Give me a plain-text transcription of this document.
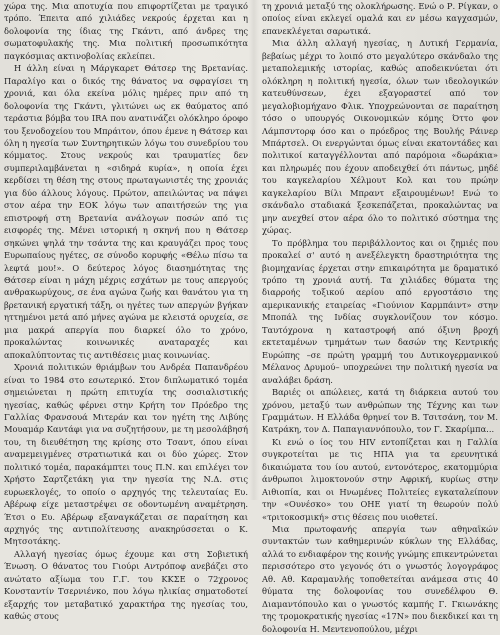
χώρα της. Μια αποτυχία που επιφορτίζεται με τραγικό τρόπο. Έπειτα από χιλιάδες νεκρούς έρχεται και η δολοφονία της ίδιας της Γκάντι, από άνδρες της σωματοφυλακής της. Μια πολιτική προσωπικότητα παγκόσμιας ακτινοβολίας εκλείπει.

Η άλλη είναι η Μάργκαρετ Θάτσερ της Βρετανίας. Παραλίγο και ο δικός της θάνατος να σφραγίσει τη χρονιά, και όλα εκείνα μόλις ημέρες πριν από τη δολοφονία της Γκάντι, γλιτώνει ως εκ θαύματος από τεράστια βόμβα του IRA που ανατινάζει ολόκληρο όροφο του ξενοδοχείου του Μπράιτον, όπου έμενε η Θάτσερ και όλη η ηγεσία των Συντηρητικών λόγω του συνεδρίου του κόμματος. Στους νεκρούς και τραυματίες δεν συμπεριλαμβάνεται η «σιδηρά κυρία», η οποία έχει κερδίσει τη θέση της στους πρωταγωνιστές της χρονιάς για δύο άλλους λόγους. Πρώτον, απειλώντας να πάψει στον αέρα την ΕΟΚ λόγω των απαιτήσεών της για επιστροφή στη Βρετανία ανάλογων ποσών από τις εισφορές της. Μένει ιστορική η σκηνή που η Θάτσερ σηκώνει ψηλά την τσάντα της και κραυγάζει προς τους Ευρωπαίους ηγέτες, σε σύνοδο κορυφής «Θέλω πίσω τα λεφτά μου!». Ο δεύτερος λόγος διασημότητας της Θάτσερ είναι η μάχη μέχρις εσχάτων με τους απεργούς ανθρακωρύχους, σε ένα αγώνα ζωής και θανάτου για τη βρετανική εργατική τάξη, οι ηγέτες των απεργών βγήκαν ηττημένοι μετά από μήνες αγώνα με κλειστά ορυχεία, σε μια μακρά απεργία που διαρκεί όλο το χρόνο, προκαλώντας κοινωνικές αναταραχές και αποκαλύπτοντας τις αντιθέσεις μιας κοινωνίας.

Χρονιά πολιτικών θριάμβων του Ανδρέα Παπανδρέου είναι το 1984 στο εσωτερικό. Στον διπλωματικό τομέα σημειώνεται η πρώτη επιτυχία της σοσιαλιστικής ηγεσίας, καθώς φέρνει στην Κρήτη τον Πρόεδρο της Γαλλίας Φρανσουά Μιτεράν και τον ηγέτη της Λιβύης Μουαμάρ Καντάφι για να συζητήσουν, με τη μεσολάβησή του, τη διευθέτηση της κρίσης στο Τσαντ, όπου είναι αναμεμειγμένες στρατιωτικά και οι δύο χώρες. Στον πολιτικό τομέα, παρακάμπτει τους Π.Ν. και επιλέγει τον Χρήστο Σαρτζετάκη για την ηγεσία της Ν.Δ. στις ευρωεκλογές, το οποίο ο αρχηγός της τελευταίας Ευ. Αβέρωφ είχε μεταστρέψει σε οδοντωμένη αναμέτρηση. Έτσι ο Ευ. Αβέρωφ εξαναγκάζεται σε παραίτηση και αρχηγός της αντιπολίτευσης ανακηρύσσεται ο Κ. Μητσοτάκης.

Αλλαγή ηγεσίας όμως έχουμε και στη Σοβιετική Ένωση. Ο θάνατος του Γιούρι Αντρόποφ ανεβάζει στο ανώτατο αξίωμα του Γ.Γ. του ΚΚΣΕ ο 72χρονος Κονσταντίν Τσερνιένκο, που λόγω ηλικίας σηματοδοτεί εξαρχής τον μεταβατικό χαρακτήρα της ηγεσίας του, καθώς στους

τη χρονιά μεταξύ της ολοκλήρωσης. Ενώ ο Ρ. Ρίγκαν, ο οποίος είναι εκλεγεί ομαλά και εν μέσω καγχασμών, επανεκλέγεται σαρωτικά.

Μια άλλη αλλαγή ηγεσίας, η Δυτική Γερμανία, βεβαίως μέχρι το λοιπό στο μεγαλύτερο σκάνδαλο της μεταπολεμικής ιστορίας, καθώς αποδεικνύεται ότι ολόκληρη η πολιτική ηγεσία, όλων των ιδεολογικών κατευθύνσεων, έχει εξαγοραστεί από τον μεγαλοβιομήχανο Φλικ. Υποχρεώνονται σε παραίτηση τόσο ο υπουργός Οικονομικών κόμης Όττο φον Λάμπσντορφ όσο και ο πρόεδρος της Βουλής Ράινερ Μπάρτσελ. Οι ενεργώνται όμως είναι εκατοντάδες και πολιτικοί καταγγέλλονται από παρόμοια «δωράκια» και πληρωμές που έχουν αποδειχθεί ότι πάντως, μηδέ του καγκελαρίου Χέλμουτ Κολ και του πρώην καγκελαρίου Βίλι Μπραντ εξαιρουμένων! Ενώ το σκάνδαλο σταδιακά ξεσκεπάζεται, προκαλώντας να μην ανεχθεί στον αέρα όλο το πολιτικό σύστημα της χώρας.

Το πρόβλημα του περιβάλλοντος και οι ζημιές που προκαλεί σ' αυτό η ανεξέλεγκτη δραστηριότητα της βιομηχανίας έρχεται στην επικαιρότητα με δραματικό τρόπο τη χρονιά αυτή. Τα χιλιάδες θύματα της διαρροής τοξικού αερίου από εργοστάσιο της αμερικανικής εταιρείας «Γιούνιον Καρμπάιντ» στην Μποπάλ της Ινδίας συγκλονίζουν τον κόσμο. Ταυτόχρονα η καταστροφή από όξινη βροχή εκτεταμένων τμημάτων των δασών της Κεντρικής Ευρώπης –σε πρώτη γραμμή του Δυτικογερμανικού Μέλανος Δρυμού– υποχρεώνει την πολιτική ηγεσία να αναλάβει δράση.

Βαριές οι απώλειες, κατά τη διάρκεια αυτού του χρόνου, μεταξύ των ανθρώπων της Τέχνης και των Γραμμάτων. Η Ελλάδα θρηνεί τον Β. Τσιτσάνη, τον Μ. Κατράκη, τον Δ. Παπαγιαννόπουλο, τον Γ. Σκαρίμπα...

Κι ενώ ο ίος του ΗIV εντοπίζεται και η Γαλλία συγκροτείται με τις ΗΠΑ για τα ερευνητικά δικαιώματα του ίου αυτού, εντονότερος, εκατομμύρια άνθρωποι λιμοκτονούν στην Αφρική, κυρίως στην Αιθιοπία, και οι Ηνωμένες Πολιτείες εγκαταλείπουν την «Ουνέσκο» του ΟΗΕ γιατί τη θεωρούν πολύ «τριτοκοσμική» στις θέσεις που υιοθετεί.

Μια πρωτοφανής απεργία των αθηναϊκών συντακτών των καθημερινών κύκλων της Ελλάδας, αλλά το ενδιαφέρον της κοινής γνώμης επικεντρώνεται περισσότερο στο γεγονός ότι ο γνωστός λογογράφος Αθ. Αθ. Καραμανλής τοποθετείται ανάμεσα στις 40 θύματα της δολοφονίας του συνεδέλφου Θ. Διαμαντόπουλο και ο γνωστός καμπής Γ. Γκιωνάκης της τρομοκρατικής ηγεσίας «17Ν» που διεκδικεί και τη δολοφονία Η. Μεντενοπούλου, μέχρι
